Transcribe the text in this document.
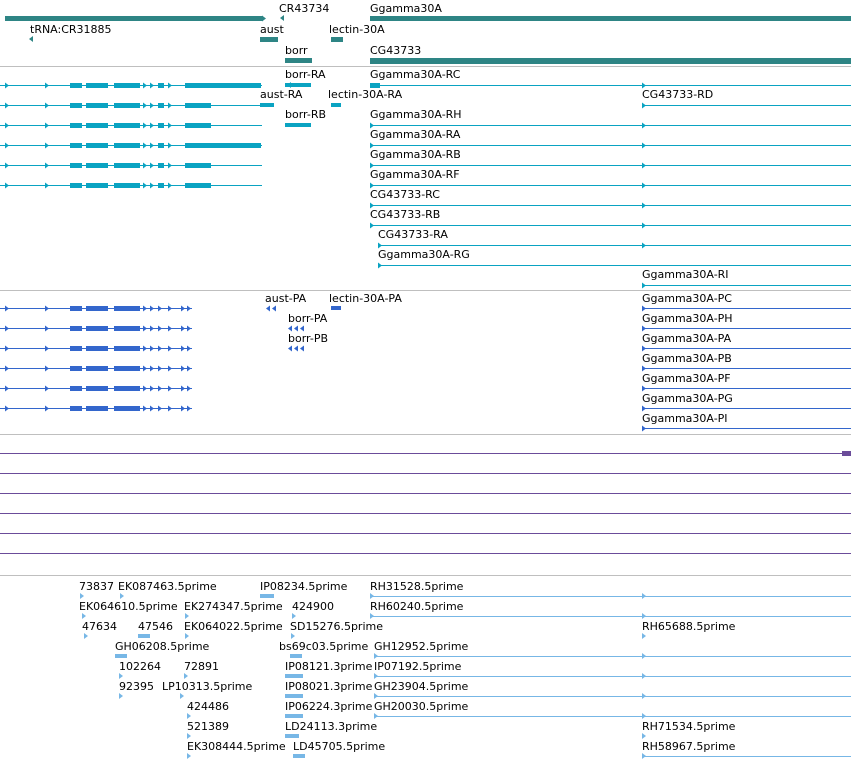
CR43734	Ggamma30A
tRNA:CR31885	aust	lectin-30A
borr	CG43733
borr-RA	Ggamma30A-RC
aust-RA lectin-30A-RA	CG43733-RD
borr-RB	Ggamma30A-RH
Ggamma30A-RA
Ggamma30A-RB
Ggamma30A-RF
CG43733-RC
CG43733-RB
CG43733-RA
Ggamma30A-RG
Ggamma30A-RI
aust-PA lectin-30A-PA	Ggamma30A-PC
Ggamma30A-PH
Ggamma30A-PA
Ggamma30A-PB
Ggamma30A-PF
Ggamma30A-PG
Ggamma30A-PI
borr-PA
borr-PB
73837 EK087463.5prime	IP08234.5prime RH31528.5prime
EK064610.5prime EK274347.5prime 424900	RH60240.5prime
47634 47546 EK064022.5prime SD15276.5prime	RH65688.5prime
GH06208.5prime	bs69c03.5prime GH12952.5prime
102264 72891	IP08121.3prime IP07192.5prime
92395 LP10313.5prime	IP08021.3prime GH23904.5prime
424486	IP06224.3prime GH20030.5prime
521389	LD24113.3prime	RH71534.5prime
EK308444.5prime LD45705.5prime	RH58967.5prime
